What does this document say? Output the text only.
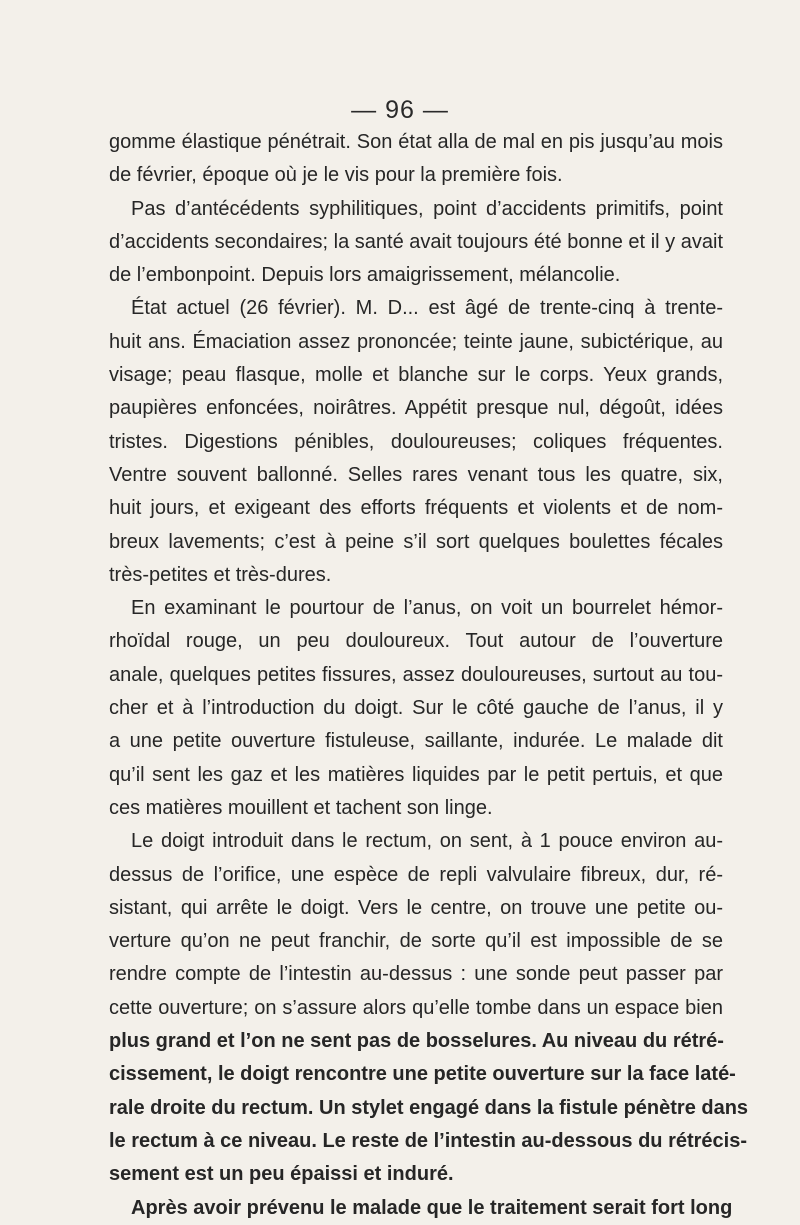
— 96 —
gomme élastique pénétrait. Son état alla de mal en pis jusqu’au mois
de février, époque où je le vis pour la première fois.
Pas d’antécédents syphilitiques, point d’accidents primitifs, point
d’accidents secondaires; la santé avait toujours été bonne et il y avait
de l’embonpoint. Depuis lors amaigrissement, mélancolie.
État actuel (26 février). M. D... est âgé de trente-cinq à trente-
huit ans. Émaciation assez prononcée; teinte jaune, subictérique, au
visage; peau flasque, molle et blanche sur le corps. Yeux grands,
paupières enfoncées, noirâtres. Appétit presque nul, dégoût, idées
tristes. Digestions pénibles, douloureuses; coliques fréquentes.
Ventre souvent ballonné. Selles rares venant tous les quatre, six,
huit jours, et exigeant des efforts fréquents et violents et de nom-
breux lavements; c’est à peine s’il sort quelques boulettes fécales
très-petites et très-dures.
En examinant le pourtour de l’anus, on voit un bourrelet hémor-
rhoïdal rouge, un peu douloureux. Tout autour de l’ouverture
anale, quelques petites fissures, assez douloureuses, surtout au tou-
cher et à l’introduction du doigt. Sur le côté gauche de l’anus, il y
a une petite ouverture fistuleuse, saillante, indurée. Le malade dit
qu’il sent les gaz et les matières liquides par le petit pertuis, et que
ces matières mouillent et tachent son linge.
Le doigt introduit dans le rectum, on sent, à 1 pouce environ au-
dessus de l’orifice, une espèce de repli valvulaire fibreux, dur, ré-
sistant, qui arrête le doigt. Vers le centre, on trouve une petite ou-
verture qu’on ne peut franchir, de sorte qu’il est impossible de se
rendre compte de l’intestin au-dessus : une sonde peut passer par
cette ouverture; on s’assure alors qu’elle tombe dans un espace bien
plus grand et l’on ne sent pas de bosselures. Au niveau du rétré-
cissement, le doigt rencontre une petite ouverture sur la face laté-
rale droite du rectum. Un stylet engagé dans la fistule pénètre dans
le rectum à ce niveau. Le reste de l’intestin au-dessous du rétrécis-
sement est un peu épaissi et induré.
Après avoir prévenu le malade que le traitement serait fort long
